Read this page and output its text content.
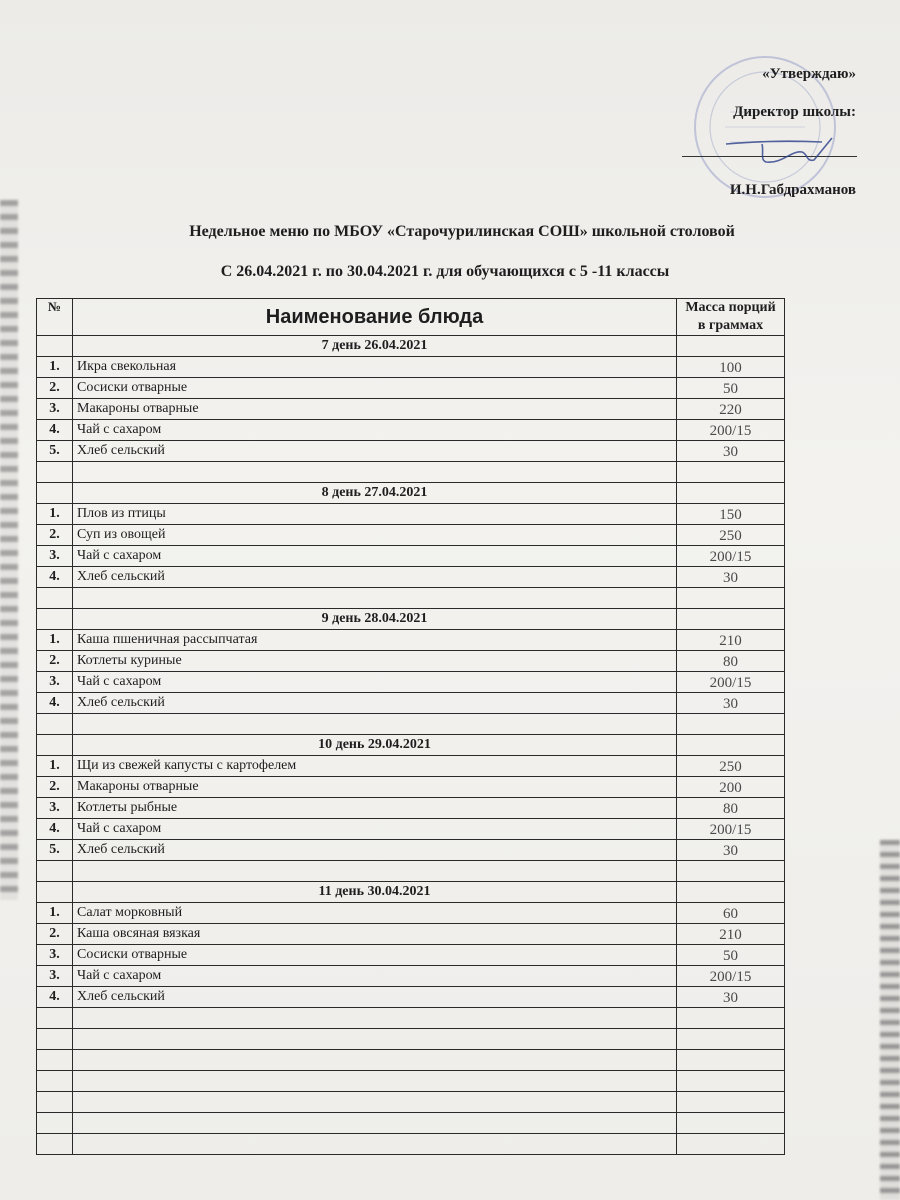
«Утверждаю»
Директор школы:
И.Н.Габдрахманов
Недельное меню по МБОУ «Старочурилинская СОШ» школьной столовой
С 26.04.2021 г. по 30.04.2021 г. для обучающихся с 5 -11 классы
№	Наименование блюда	Масса порций
в граммах
	7 день 26.04.2021	
1.	Икра свекольная	100
2.	Сосиски отварные	50
3.	Макароны отварные	220
4.	Чай с сахаром	200/15
5.	Хлеб сельский	30

	8 день 27.04.2021	
1.	Плов из птицы	150
2.	Суп из овощей	250
3.	Чай с сахаром	200/15
4.	Хлеб сельский	30

	9 день 28.04.2021	
1.	Каша пшеничная рассыпчатая	210
2.	Котлеты куриные	80
3.	Чай с сахаром	200/15
4.	Хлеб сельский	30

	10 день 29.04.2021	
1.	Щи из свежей капусты с картофелем	250
2.	Макароны отварные	200
3.	Котлеты рыбные	80
4.	Чай с сахаром	200/15
5.	Хлеб сельский	30

	11 день 30.04.2021	
1.	Салат морковный	60
2.	Каша овсяная вязкая	210
3.	Сосиски отварные	50
3.	Чай с сахаром	200/15
4.	Хлеб сельский	30
